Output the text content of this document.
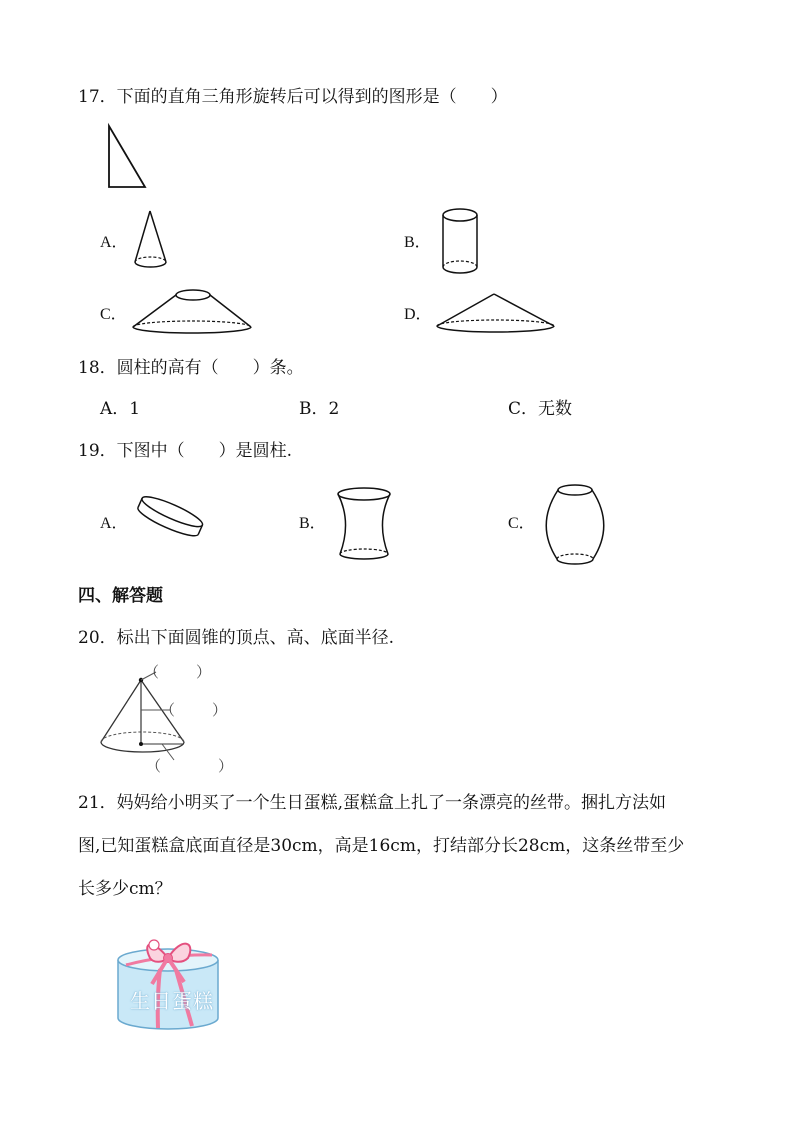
17．下面的直角三角形旋转后可以得到的图形是（　　）
A．	B．
C．	D．
18．圆柱的高有（　　）条。
A．1	B．2	C．无数
19．下图中（　　）是圆柱.
A．	B．	C．
四、解答题
20．标出下面圆锥的顶点、高、底面半径.
（ ）
（ ）
（	）
21．妈妈给小明买了一个生日蛋糕,蛋糕盒上扎了一条漂亮的丝带。捆扎方法如
图,已知蛋糕盒底面直径是30cm，高是16cm，打结部分长28cm，这条丝带至少
长多少cm？
生日蛋糕
